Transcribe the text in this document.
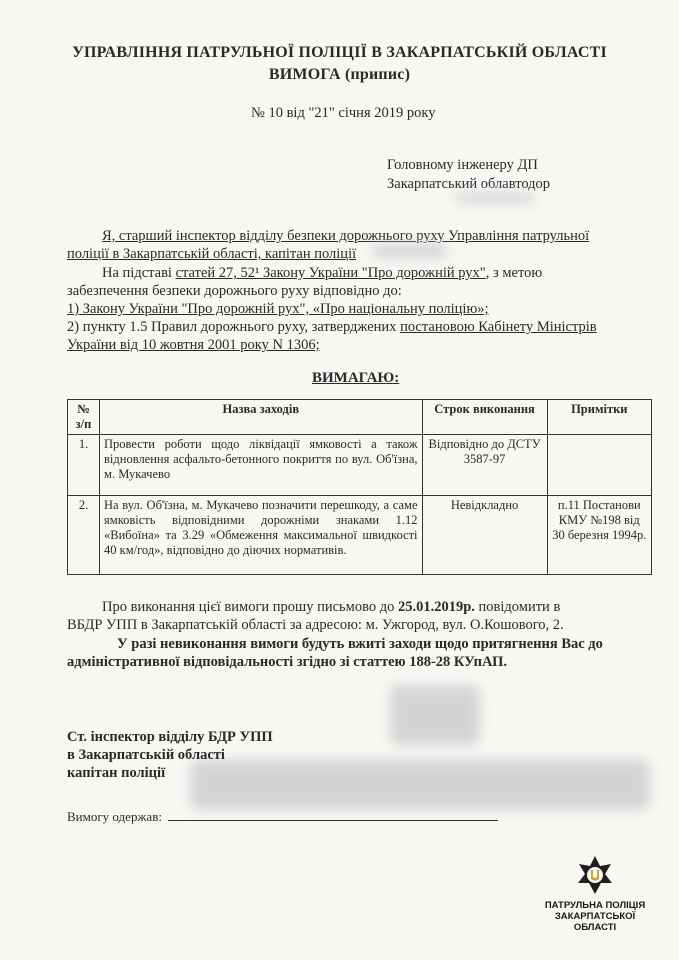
УПРАВЛІННЯ ПАТРУЛЬНОЇ ПОЛІЦІЇ В ЗАКАРПАТСЬКІЙ ОБЛАСТІ
ВИМОГА (припис)
№ 10 від "21" січня 2019 року
Головному інженеру ДП
Закарпатський облавтодор
Я, старший інспектор відділу безпеки дорожнього руху Управління патрульної
поліції в Закарпатській області, капітан поліції
На підставі статей 27, 52¹ Закону України "Про дорожній рух", з метою
забезпечення безпеки дорожнього руху відповідно до:
1) Закону України "Про дорожній рух", «Про національну поліцію»;
2) пункту 1.5 Правил дорожнього руху, затверджених постановою Кабінету Міністрів
України від 10 жовтня 2001 року N 1306;
ВИМАГАЮ:
№ з/п	Назва заходів	Строк виконання	Примітки
1.	Провести роботи щодо ліквідації ямковості а також відновлення асфальто-бетонного покриття по вул. Об'їзна, м. Мукачево	Відповідно до ДСТУ 3587-97	
2.	На вул. Об'їзна, м. Мукачево позначити перешкоду, а саме ямковість відповідними дорожніми знаками 1.12 «Вибоїна» та 3.29 «Обмеження максимальної швидкості 40 км/год», відповідно до діючих нормативів.	Невідкладно	п.11 Постанови КМУ №198 від 30 березня 1994р.
Про виконання цієї вимоги прошу письмово до 25.01.2019р. повідомити в
ВБДР УПП в Закарпатській області за адресою: м. Ужгород, вул. О.Кошового, 2.
У разі невиконання вимоги будуть вжиті заходи щодо притягнення Вас до
адміністративної відповідальності згідно зі статтею 188-28 КУпАП.
Ст. інспектор відділу БДР УПП
в Закарпатській області
капітан поліції
Вимогу одержав:
ПАТРУЛЬНА ПОЛІЦІЯ
ЗАКАРПАТСЬКОЇ ОБЛАСТІ
